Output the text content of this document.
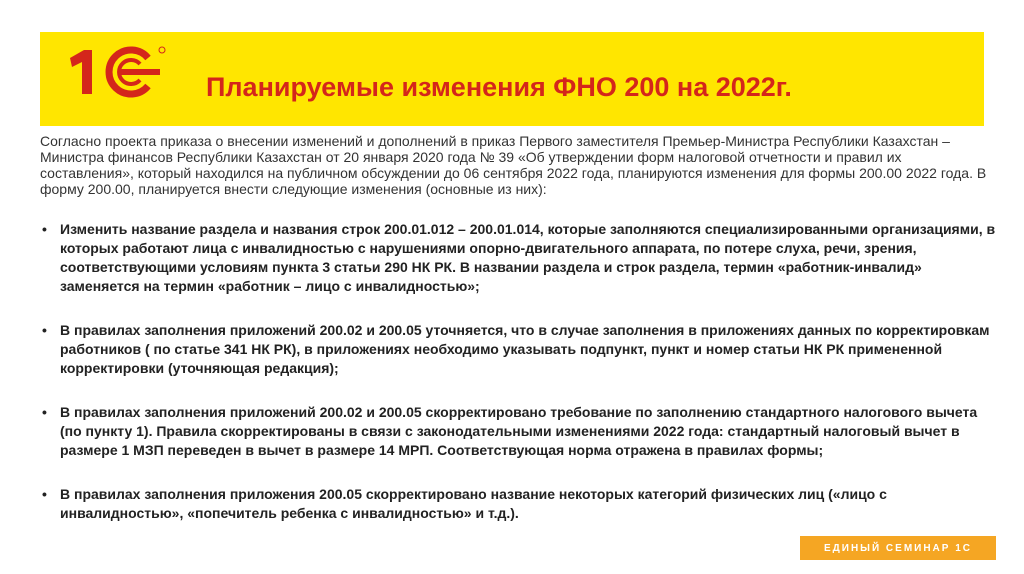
Планируемые изменения ФНО 200 на 2022г.

Согласно проекта приказа о внесении изменений и дополнений в приказ Первого заместителя Премьер-Министра Республики Казахстан – Министра финансов Республики Казахстан от 20 января 2020 года № 39 «Об утверждении форм налоговой отчетности и правил их составления», который находился на публичном обсуждении до 06 сентября 2022 года, планируются изменения для формы 200.00 2022 года. В форму 200.00, планируется внести следующие изменения (основные из них):

• Изменить название раздела и названия строк 200.01.012 – 200.01.014, которые заполняются специализированными организациями, в которых работают лица с инвалидностью с нарушениями опорно-двигательного аппарата, по потере слуха, речи, зрения, соответствующими условиям пункта 3 статьи 290 НК РК. В названии раздела и строк раздела, термин «работник-инвалид» заменяется на термин «работник – лицо с инвалидностью»;
• В правилах заполнения приложений 200.02 и 200.05 уточняется, что в случае заполнения в приложениях данных по корректировкам работников ( по статье 341 НК РК), в приложениях необходимо указывать подпункт, пункт и номер статьи НК РК примененной корректировки (уточняющая редакция);
• В правилах заполнения приложений 200.02 и 200.05 скорректировано требование по заполнению стандартного налогового вычета (по пункту 1). Правила скорректированы в связи с законодательными изменениями 2022 года: стандартный налоговый вычет в размере 1 МЗП переведен в вычет в размере 14 МРП. Соответствующая норма отражена в правилах формы;
• В правилах заполнения приложения 200.05 скорректировано название некоторых категорий физических лиц («лицо с инвалидностью», «попечитель ребенка с инвалидностью» и т.д.).
ЕДИНЫЙ СЕМИНАР 1С
